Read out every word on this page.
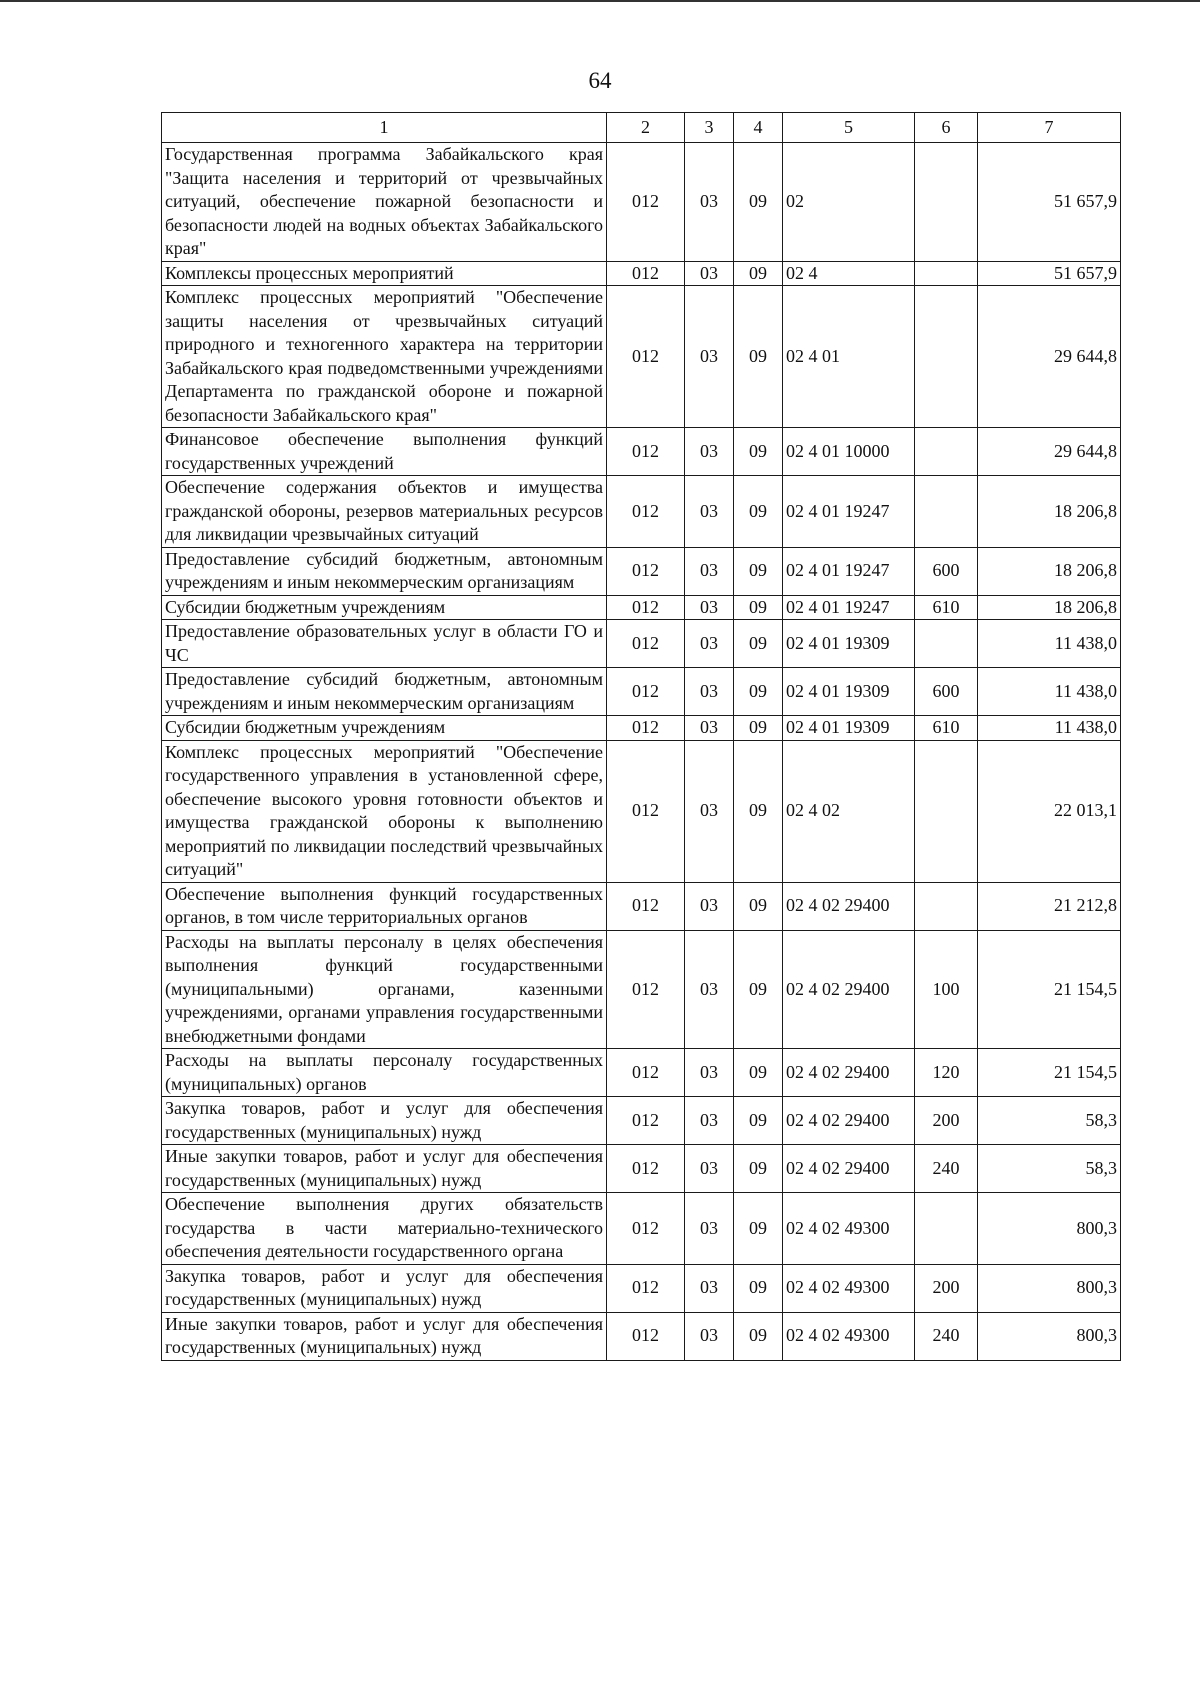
64
1	2	3	4	5	6	7
Государственная программа Забайкальского края "Защита населения и территорий от чрезвычайных ситуаций, обеспечение пожарной безопасности и безопасности людей на водных объектах Забайкальского края"	012	03	09	02		51 657,9
Комплексы процессных мероприятий	012	03	09	02 4		51 657,9
Комплекс процессных мероприятий "Обеспечение защиты населения от чрезвычайных ситуаций природного и техногенного характера на территории Забайкальского края подведомственными учреждениями Департамента по гражданской обороне и пожарной безопасности Забайкальского края"	012	03	09	02 4 01		29 644,8
Финансовое обеспечение выполнения функций государственных учреждений	012	03	09	02 4 01 10000		29 644,8
Обеспечение содержания объектов и имущества гражданской обороны, резервов материальных ресурсов для ликвидации чрезвычайных ситуаций	012	03	09	02 4 01 19247		18 206,8
Предоставление субсидий бюджетным, автономным учреждениям и иным некоммерческим организациям	012	03	09	02 4 01 19247	600	18 206,8
Субсидии бюджетным учреждениям	012	03	09	02 4 01 19247	610	18 206,8
Предоставление образовательных услуг в области ГО и ЧС	012	03	09	02 4 01 19309		11 438,0
Предоставление субсидий бюджетным, автономным учреждениям и иным некоммерческим организациям	012	03	09	02 4 01 19309	600	11 438,0
Субсидии бюджетным учреждениям	012	03	09	02 4 01 19309	610	11 438,0
Комплекс процессных мероприятий "Обеспечение государственного управления в установленной сфере, обеспечение высокого уровня готовности объектов и имущества гражданской обороны к выполнению мероприятий по ликвидации последствий чрезвычайных ситуаций"	012	03	09	02 4 02		22 013,1
Обеспечение выполнения функций государственных органов, в том числе территориальных органов	012	03	09	02 4 02 29400		21 212,8
Расходы на выплаты персоналу в целях обеспечения выполнения функций государственными (муниципальными) органами, казенными учреждениями, органами управления государственными внебюджетными фондами	012	03	09	02 4 02 29400	100	21 154,5
Расходы на выплаты персоналу государственных (муниципальных) органов	012	03	09	02 4 02 29400	120	21 154,5
Закупка товаров, работ и услуг для обеспечения государственных (муниципальных) нужд	012	03	09	02 4 02 29400	200	58,3
Иные закупки товаров, работ и услуг для обеспечения государственных (муниципальных) нужд	012	03	09	02 4 02 29400	240	58,3
Обеспечение выполнения других обязательств государства в части материально-технического обеспечения деятельности государственного органа	012	03	09	02 4 02 49300		800,3
Закупка товаров, работ и услуг для обеспечения государственных (муниципальных) нужд	012	03	09	02 4 02 49300	200	800,3
Иные закупки товаров, работ и услуг для обеспечения государственных (муниципальных) нужд	012	03	09	02 4 02 49300	240	800,3
